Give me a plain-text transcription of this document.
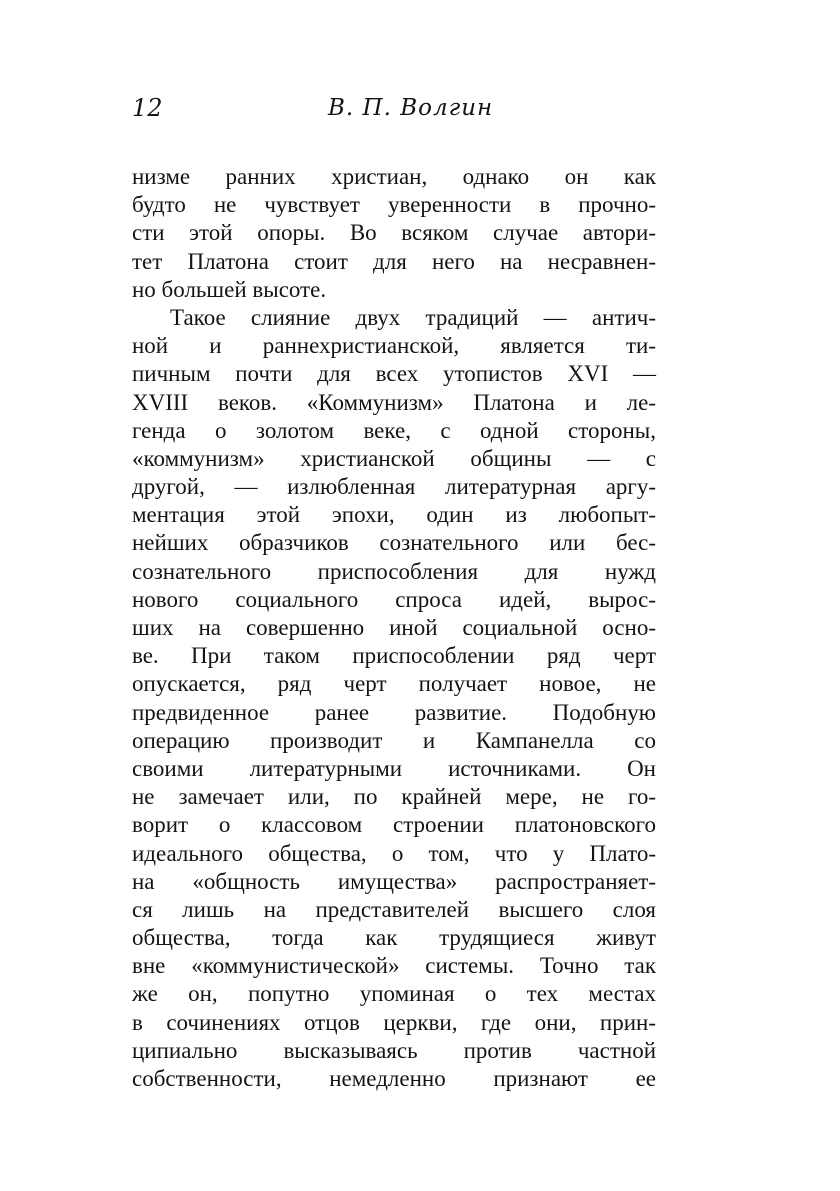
12	В. П. Волгин
низме ранних христиан, однако он как
будто не чувствует уверенности в прочно-
сти этой опоры. Во всяком случае автори-
тет Платона стоит для него на несравнен-
но большей высоте.
Такое слияние двух традиций — антич-
ной и раннехристианской, является ти-
пичным почти для всех утопистов XVI —
XVIII веков. «Коммунизм» Платона и ле-
генда о золотом веке, с одной стороны,
«коммунизм» христианской общины — с
другой, — излюбленная литературная аргу-
ментация этой эпохи, один из любопыт-
нейших образчиков сознательного или бес-
сознательного приспособления для нужд
нового социального спроса идей, вырос-
ших на совершенно иной социальной осно-
ве. При таком приспособлении ряд черт
опускается, ряд черт получает новое, не
предвиденное ранее развитие. Подобную
операцию производит и Кампанелла со
своими литературными источниками. Он
не замечает или, по крайней мере, не го-
ворит о классовом строении платоновского
идеального общества, о том, что у Плато-
на «общность имущества» распространяет-
ся лишь на представителей высшего слоя
общества, тогда как трудящиеся живут
вне «коммунистической» системы. Точно так
же он, попутно упоминая о тех местах
в сочинениях отцов церкви, где они, прин-
ципиально высказываясь против частной
собственности, немедленно признают ее
